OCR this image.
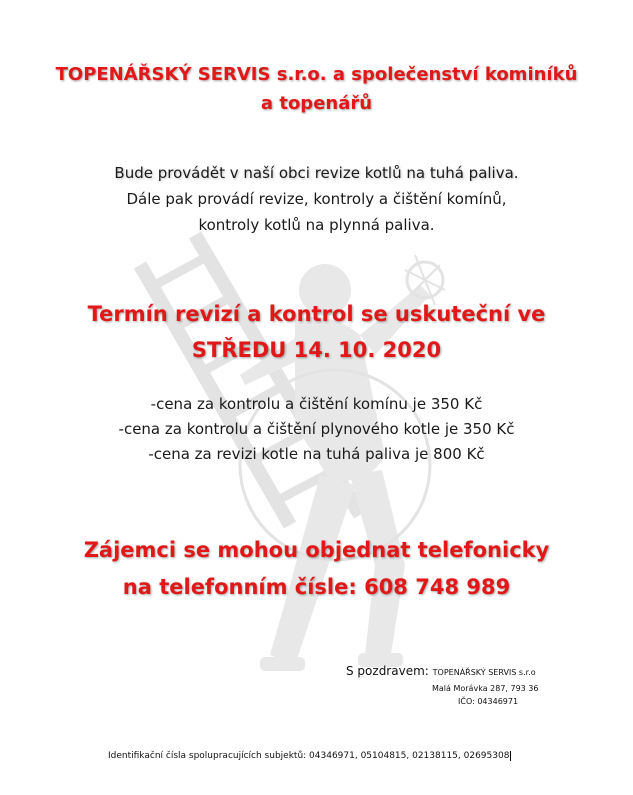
TOPENÁŘSKÝ SERVIS s.r.o. a společenství kominíků
a topenářů
Bude provádět v naší obci revize kotlů na tuhá paliva.
Dále pak provádí revize, kontroly a čištění komínů,
kontroly kotlů na plynná paliva.
Termín revizí a kontrol se uskuteční ve
STŘEDU 14. 10. 2020
-cena za kontrolu a čištění komínu je 350 Kč
-cena za kontrolu a čištění plynového kotle je 350 Kč
-cena za revizi kotle na tuhá paliva je 800 Kč
Zájemci se mohou objednat telefonicky
na telefonním čísle: 608 748 989
S pozdravem: TOPENÁŘSKÝ SERVIS s.r.o
Malá Morávka 287, 793 36
IČO: 04346971
Identifikační čísla spolupracujících subjektů: 04346971, 05104815, 02138115, 02695308
